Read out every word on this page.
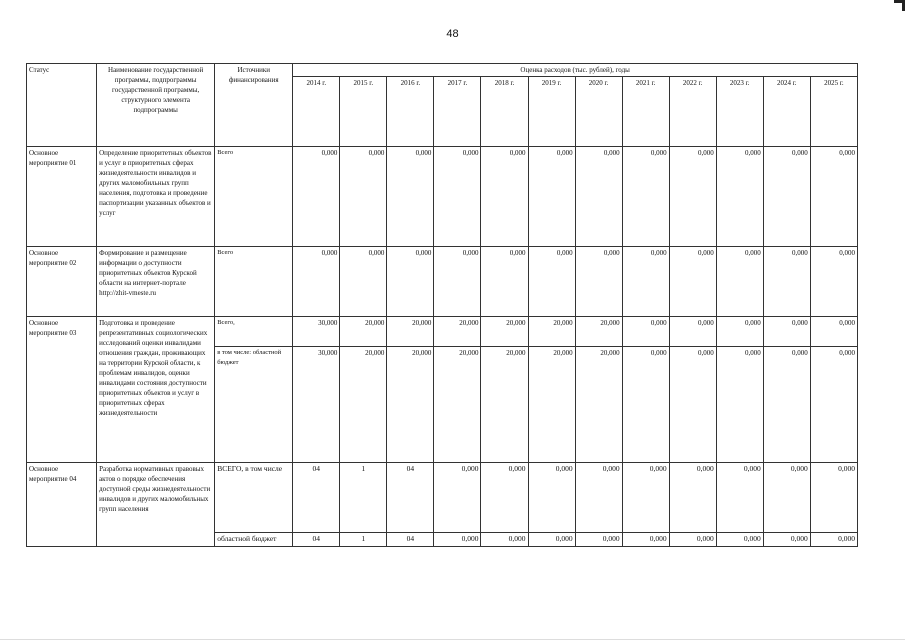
48
Статус	Наименование государственной программы, подпрограммы государственной программы, структурного элемента подпрограммы	Источники финансирования	Оценка расходов (тыс. рублей), годы											
			2014 г.	2015 г.	2016 г.	2017 г.	2018 г.	2019 г.	2020 г.	2021 г.	2022 г.	2023 г.	2024 г.	2025 г.
Основное мероприятие 01	Определение приоритетных объектов и услуг в приоритетных сферах жизнедеятельности инвалидов и других маломобильных групп населения, подготовка и проведение паспортизации указанных объектов и услуг	Всего	0,000	0,000	0,000	0,000	0,000	0,000	0,000	0,000	0,000	0,000	0,000	0,000
Основное мероприятие 02	Формирование и размещение информации о доступности приоритетных объектов Курской области на интернет-портале http://zhit-vmeste.ru	Всего	0,000	0,000	0,000	0,000	0,000	0,000	0,000	0,000	0,000	0,000	0,000	0,000
Основное мероприятие 03	Подготовка и проведение репрезентативных социологических исследований оценки инвалидами отношения граждан, проживающих на территории Курской области, к проблемам инвалидов, оценки инвалидами состояния доступности приоритетных объектов и услуг в приоритетных сферах жизнедеятельности	Всего,	30,000	20,000	20,000	20,000	20,000	20,000	20,000	0,000	0,000	0,000	0,000	0,000
		в том числе: областной бюджет	30,000	20,000	20,000	20,000	20,000	20,000	20,000	0,000	0,000	0,000	0,000	0,000
Основное мероприятие 04	Разработка нормативных правовых актов о порядке обеспечения доступной среды жизнедеятельности инвалидов и других маломобильных групп населения	ВСЕГО, в том числе	04	1	04	0,000	0,000	0,000	0,000	0,000	0,000	0,000	0,000	0,000
		областной бюджет	04	1	04	0,000	0,000	0,000	0,000	0,000	0,000	0,000	0,000	0,000
